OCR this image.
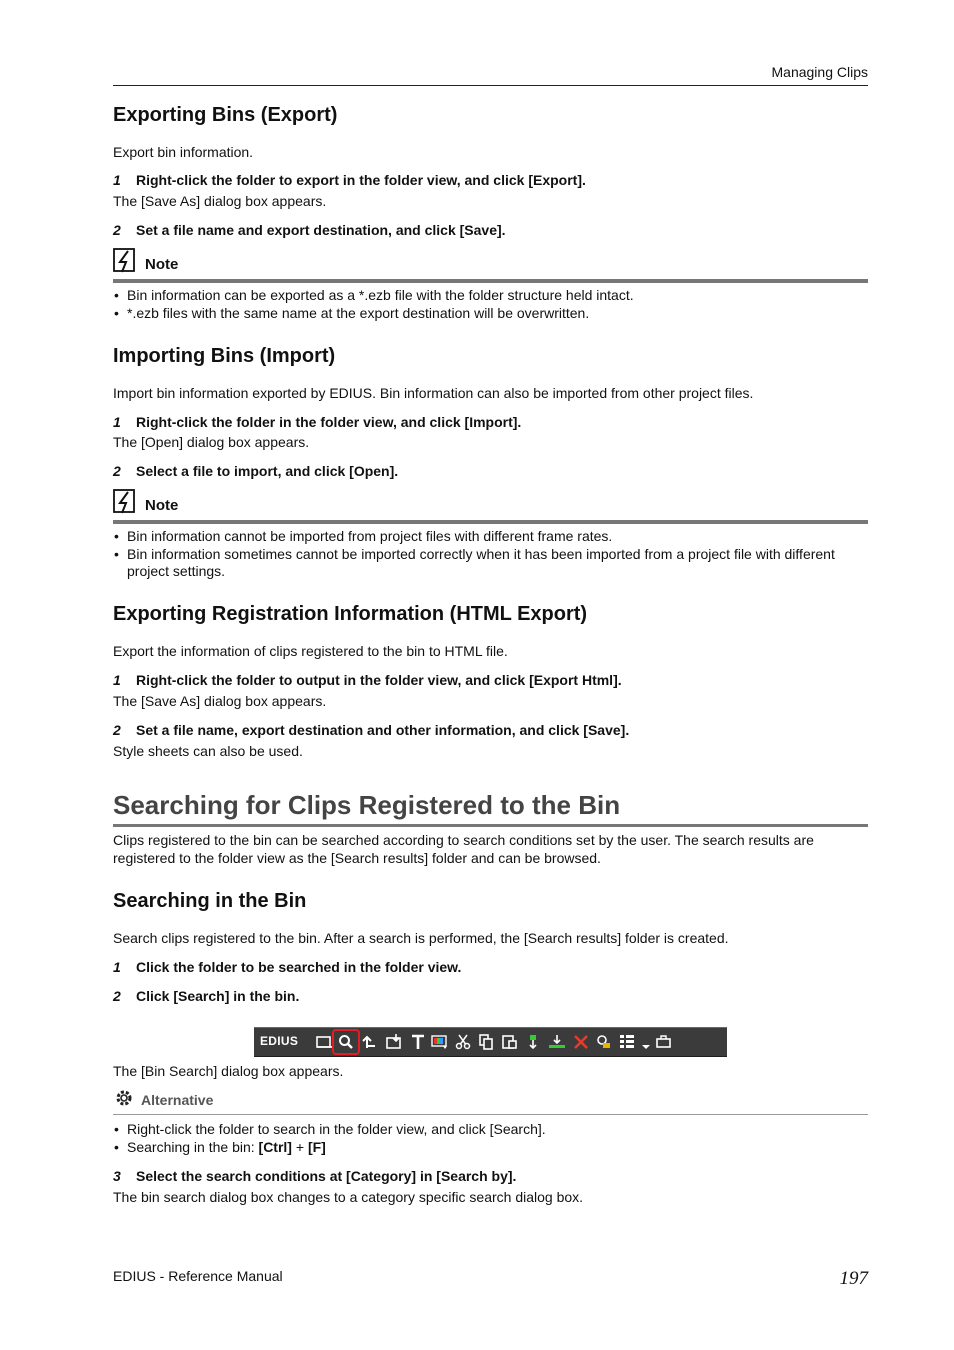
Managing Clips
Exporting Bins (Export)

Export bin information.

1 Right-click the folder to export in the folder view, and click [Export].

The [Save As] dialog box appears.

2 Set a file name and export destination, and click [Save].
Note
• Bin information can be exported as a *.ezb file with the folder structure held intact.
• *.ezb files with the same name at the export destination will be overwritten.
Importing Bins (Import)

Import bin information exported by EDIUS. Bin information can also be imported from other project files.

1 Right-click the folder in the folder view, and click [Import].

The [Open] dialog box appears.

2 Select a file to import, and click [Open].
Note
• Bin information cannot be imported from project files with different frame rates.
• Bin information sometimes cannot be imported correctly when it has been imported from a project file with different project settings.
Exporting Registration Information (HTML Export)

Export the information of clips registered to the bin to HTML file.

1 Right-click the folder to output in the folder view, and click [Export Html].

The [Save As] dialog box appears.

2 Set a file name, export destination and other information, and click [Save].

Style sheets can also be used.

Searching for Clips Registered to the Bin

Clips registered to the bin can be searched according to search conditions set by the user. The search results are registered to the folder view as the [Search results] folder and can be browsed.

Searching in the Bin

Search clips registered to the bin. After a search is performed, the [Search results] folder is created.

1 Click the folder to be searched in the folder view.
2 Click [Search] in the bin.
EDIUS

The [Bin Search] dialog box appears.

Alternative
• Right-click the folder to search in the folder view, and click [Search].
• Searching in the bin: [Ctrl] + [F]
3 Select the search conditions at [Category] in [Search by].

The bin search dialog box changes to a category specific search dialog box.

EDIUS - Reference Manual	197
